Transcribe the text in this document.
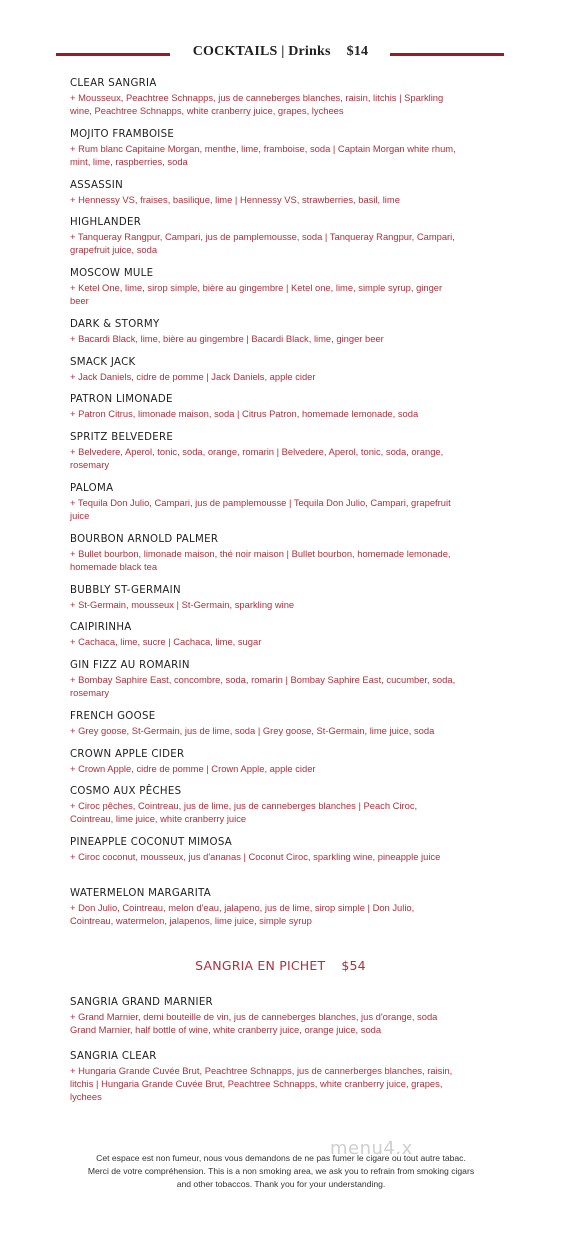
COCKTAILS | Drinks $14
CLEAR SANGRIA
+ Mousseux, Peachtree Schnapps, jus de canneberges blanches, raisin, litchis | Sparkling wine, Peachtree Schnapps, white cranberry juice, grapes, lychees
MOJITO FRAMBOISE
+ Rum blanc Capitaine Morgan, menthe, lime, framboise, soda | Captain Morgan white rhum, mint, lime, raspberries, soda
ASSASSIN
+ Hennessy VS, fraises, basilique, lime | Hennessy VS, strawberries, basil, lime
HIGHLANDER
+ Tanqueray Rangpur, Campari, jus de pamplemousse, soda | Tanqueray Rangpur, Campari, grapefruit juice, soda
MOSCOW MULE
+ Ketel One, lime, sirop simple, bière au gingembre | Ketel one, lime, simple syrup, ginger beer
DARK & STORMY
+ Bacardi Black, lime, bière au gingembre | Bacardi Black, lime, ginger beer
SMACK JACK
+ Jack Daniels, cidre de pomme | Jack Daniels, apple cider
PATRON LIMONADE
+ Patron Citrus, limonade maison, soda | Citrus Patron, homemade lemonade, soda
SPRITZ BELVEDERE
+ Belvedere, Aperol, tonic, soda, orange, romarin | Belvedere, Aperol, tonic, soda, orange, rosemary
PALOMA
+ Tequila Don Julio, Campari, jus de pamplemousse | Tequila Don Julio, Campari, grapefruit juice
BOURBON ARNOLD PALMER
+ Bullet bourbon, limonade maison, thé noir maison | Bullet bourbon, homemade lemonade, homemade black tea
BUBBLY ST-GERMAIN
+ St-Germain, mousseux | St-Germain, sparkling wine
CAIPIRINHA
+ Cachaca, lime, sucre | Cachaca, lime, sugar
GIN FIZZ AU ROMARIN
+ Bombay Saphire East, concombre, soda, romarin | Bombay Saphire East, cucumber, soda, rosemary
FRENCH GOOSE
+ Grey goose, St-Germain, jus de lime, soda | Grey goose, St-Germain, lime juice, soda
CROWN APPLE CIDER
+ Crown Apple, cidre de pomme | Crown Apple, apple cider
COSMO AUX PÊCHES
+ Ciroc pêches, Cointreau, jus de lime, jus de canneberges blanches | Peach Ciroc, Cointreau, lime juice, white cranberry juice
PINEAPPLE COCONUT MIMOSA
+ Ciroc coconut, mousseux, jus d'ananas | Coconut Ciroc, sparkling wine, pineapple juice
WATERMELON MARGARITA
+ Don Julio, Cointreau, melon d'eau, jalapeno, jus de lime, sirop simple | Don Julio, Cointreau, watermelon, jalapenos, lime juice, simple syrup
SANGRIA EN PICHET $54
SANGRIA GRAND MARNIER
+ Grand Marnier, demi bouteille de vin, jus de canneberges blanches, jus d'orange, soda Grand Marnier, half bottle of wine, white cranberry juice, orange juice, soda
SANGRIA CLEAR
+ Hungaria Grande Cuvée Brut, Peachtree Schnapps, jus de cannerberges blanches, raisin, litchis | Hungaria Grande Cuvée Brut, Peachtree Schnapps, white cranberry juice, grapes, lychees
menu4.x
Cet espace est non fumeur, nous vous demandons de ne pas fumer le cigare ou tout autre tabac. Merci de votre compréhension. This is a non smoking area, we ask you to refrain from smoking cigars and other tobaccos. Thank you for your understanding.
